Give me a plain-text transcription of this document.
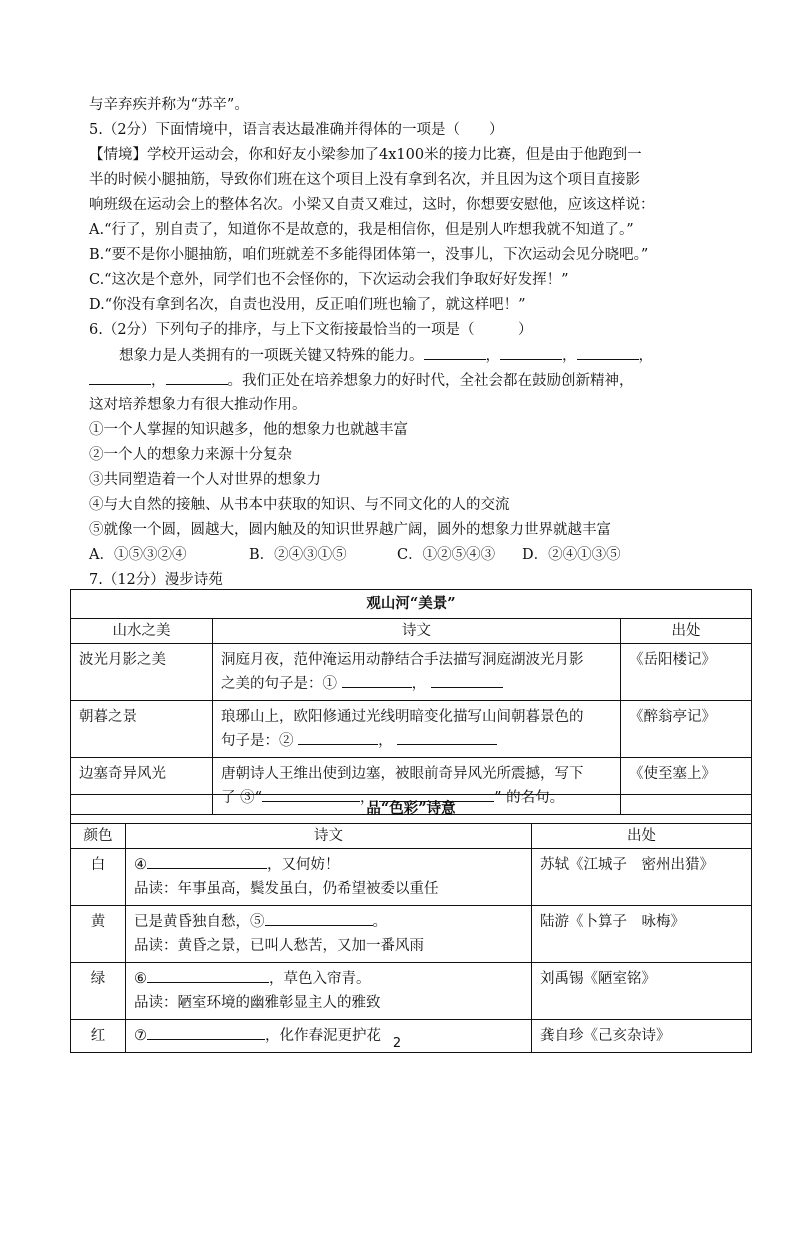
与辛弃疾并称为“苏辛”。
5.（2分）下面情境中，语言表达最准确并得体的一项是（　　）
【情境】学校开运动会，你和好友小梁参加了4x100米的接力比赛，但是由于他跑到一
半的时候小腿抽筋，导致你们班在这个项目上没有拿到名次，并且因为这个项目直接影
响班级在运动会上的整体名次。小梁又自责又难过，这时，你想要安慰他，应该这样说：
A.“行了，别自责了，知道你不是故意的，我是相信你，但是别人咋想我就不知道了。”
B.“要不是你小腿抽筋，咱们班就差不多能得团体第一，没事儿，下次运动会见分晓吧。”
C.“这次是个意外，同学们也不会怪你的，下次运动会我们争取好好发挥！”
D.“你没有拿到名次，自责也没用，反正咱们班也输了，就这样吧！”
6.（2分）下列句子的排序，与上下文衔接最恰当的一项是（　　　）
想象力是人类拥有的一项既关键又特殊的能力。	，	，	，
，	。我们正处在培养想象力的好时代，全社会都在鼓励创新精神，
这对培养想象力有很大推动作用。
①一个人掌握的知识越多，他的想象力也就越丰富
②一个人的想象力来源十分复杂
③共同塑造着一个人对世界的想象力
④与大自然的接触、从书本中获取的知识、与不同文化的人的交流
⑤就像一个圆，圆越大，圆内触及的知识世界越广阔，圆外的想象力世界就越丰富
A．①⑤③②④	B．②④③①⑤	C．①②⑤④③ D．②④①③⑤
7.（12分）漫步诗苑
观山河“美景”		
山水之美	诗文	出处
波光月影之美	洞庭月夜，范仲淹运用动静结合手法描写洞庭湖波光月影
之美的句子是：① ，	《岳阳楼记》
朝暮之景	琅琊山上，欧阳修通过光线明暗变化描写山间朝暮景色的
句子是：② ，	《醉翁亭记》
边塞奇异风光	唐朝诗人王维出使到边塞，被眼前奇异风光所震撼，写下
了 ③“ ， ” 的名句。	《使至塞上》
品“色彩”诗意		
颜色	诗文	出处
白	④ ，又何妨！
品读：年事虽高，鬓发虽白，仍希望被委以重任	苏轼《江城子　密州出猎》
黄	已是黄昏独自愁，⑤ 。
品读：黄昏之景，已叫人愁苦，又加一番风雨	陆游《卜算子　咏梅》
绿	⑥ ，草色入帘青。
品读：陋室环境的幽雅彰显主人的雅致	刘禹锡《陋室铭》
红	⑦ ，化作春泥更护花	龚自珍《己亥杂诗》
2
